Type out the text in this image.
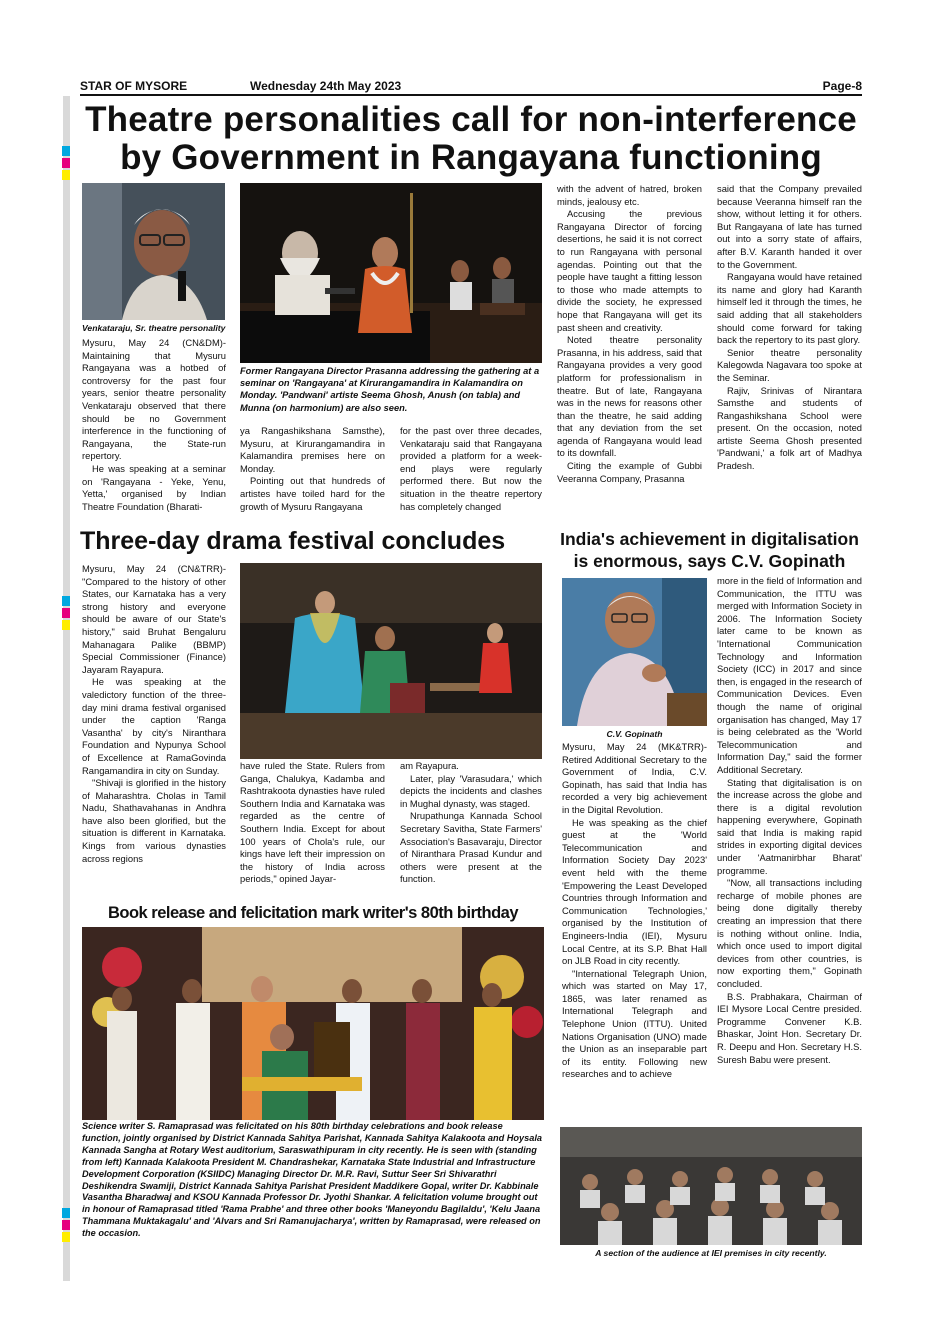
STAR OF MYSORE	Wednesday 24th May 2023	Page-8
Theatre personalities call for non-interference
by Government in Rangayana functioning
Venkataraju, Sr. theatre personality
Former Rangayana Director Prasanna addressing the gathering at a seminar on 'Rangayana' at Kirurangamandira in Kalamandira on Monday. 'Pandwani' artiste Seema Ghosh, Anush (on tabla) and Munna (on harmonium) are also seen.

Mysuru, May 24 (CN&DM)- Maintaining that Mysuru Rangayana was a hotbed of controversy for the past four years, senior theatre personality Venkataraju observed that there should be no Government interference in the functioning of Rangayana, the State-run repertory.

He was speaking at a seminar on 'Rangayana - Yeke, Yenu, Yetta,' organised by Indian Theatre Foundation (Bharati-

ya Rangashikshana Samsthe), Mysuru, at Kirurangamandira in Kalamandira premises here on Monday.

Pointing out that hundreds of artistes have toiled hard for the growth of Mysuru Rangayana

for the past over three decades, Venkataraju said that Rangayana provided a platform for a week-end plays were regularly performed there. But now the situation in the theatre repertory has completely changed

with the advent of hatred, broken minds, jealousy etc.

Accusing the previous Rangayana Director of forcing desertions, he said it is not correct to run Rangayana with personal agendas. Pointing out that the people have taught a fitting lesson to those who made attempts to divide the society, he expressed hope that Rangayana will get its past sheen and creativity.

Noted theatre personality Prasanna, in his address, said that Rangayana provides a very good platform for professionalism in theatre. But of late, Rangayana was in the news for reasons other than the theatre, he said adding that any deviation from the set agenda of Rangayana would lead to its downfall.

Citing the example of Gubbi Veeranna Company, Prasanna

said that the Company prevailed because Veeranna himself ran the show, without letting it for others. But Rangayana of late has turned out into a sorry state of affairs, after B.V. Karanth handed it over to the Government.

Rangayana would have retained its name and glory had Karanth himself led it through the times, he said adding that all stakeholders should come forward for taking back the repertory to its past glory.

Senior theatre personality Kalegowda Nagavara too spoke at the Seminar.

Rajiv, Srinivas of Nirantara Samsthe and students of Rangashikshana School were present. On the occasion, noted artiste Seema Ghosh presented 'Pandwani,' a folk art of Madhya Pradesh.

Three-day drama festival concludes

Mysuru, May 24 (CN&TRR)- "Compared to the history of other States, our Karnataka has a very strong history and everyone should be aware of our State's history," said Bruhat Bengaluru Mahanagara Palike (BBMP) Special Commissioner (Finance) Jayaram Rayapura.

He was speaking at the valedictory function of the three-day mini drama festival organised under the caption 'Ranga Vasantha' by city's Niranthara Foundation and Nypunya School of Excellence at RamaGovinda Rangamandira in city on Sunday.

"Shivaji is glorified in the history of Maharashtra. Cholas in Tamil Nadu, Shathavahanas in Andhra have also been glorified, but the situation is different in Karnataka. Kings from various dynasties across regions

have ruled the State. Rulers from Ganga, Chalukya, Kadamba and Rashtrakoota dynasties have ruled Southern India and Karnataka was regarded as the centre of Southern India. Except for about 100 years of Chola's rule, our kings have left their impression on the history of India across periods," opined Jayar-

am Rayapura.

Later, play 'Varasudara,' which depicts the incidents and clashes in Mughal dynasty, was staged.

Nrupathunga Kannada School Secretary Savitha, State Farmers' Association's Basavaraju, Director of Niranthara Prasad Kundur and others were present at the function.

Book release and felicitation mark writer's 80th birthday
Science writer S. Ramaprasad was felicitated on his 80th birthday celebrations and book release function, jointly organised by District Kannada Sahitya Parishat, Kannada Sahitya Kalakoota and Hoysala Kannada Sangha at Rotary West auditorium, Saraswathipuram in city recently. He is seen with (standing from left) Kannada Kalakoota President M. Chandrashekar, Karnataka State Industrial and Infrastructure Development Corporation (KSIIDC) Managing Director Dr. M.R. Ravi, Suttur Seer Sri Shivarathri Deshikendra Swamiji, District Kannada Sahitya Parishat President Maddikere Gopal, writer Dr. Kabbinale Vasantha Bharadwaj and KSOU Kannada Professor Dr. Jyothi Shankar. A felicitation volume brought out in honour of Ramaprasad titled 'Rama Prabhe' and three other books 'Maneyondu Bagilaldu', 'Kelu Jaana Thammana Muktakagalu' and 'Alvars and Sri Ramanujacharya', written by Ramaprasad, were released on the occasion.
India's achievement in digitalisation
is enormous, says C.V. Gopinath
C.V. Gopinath

Mysuru, May 24 (MK&TRR)- Retired Additional Secretary to the Government of India, C.V. Gopinath, has said that India has recorded a very big achievement in the Digital Revolution.

He was speaking as the chief guest at the 'World Telecommunication and Information Society Day 2023' event held with the theme 'Empowering the Least Developed Countries through Information and Communication Technologies,' organised by the Institution of Engineers-India (IEI), Mysuru Local Centre, at its S.P. Bhat Hall on JLB Road in city recently.

"International Telegraph Union, which was started on May 17, 1865, was later renamed as International Telegraph and Telephone Union (ITTU). United Nations Organisation (UNO) made the Union as an inseparable part of its entity. Following new researches and to achieve

more in the field of Information and Communication, the ITTU was merged with Information Society in 2006. The Information Society later came to be known as 'International Communication Technology and Information Society (ICC) in 2017 and since then, is engaged in the research of Communication Devices. Even though the name of original organisation has changed, May 17 is being celebrated as the 'World Telecommunication and Information Day," said the former Additional Secretary.

Stating that digitalisation is on the increase across the globe and there is a digital revolution happening everywhere, Gopinath said that India is making rapid strides in exporting digital devices under 'Aatmanirbhar Bharat' programme.

"Now, all transactions including recharge of mobile phones are being done digitally thereby creating an impression that there is nothing without online. India, which once used to import digital devices from other countries, is now exporting them," Gopinath concluded.

B.S. Prabhakara, Chairman of IEI Mysore Local Centre presided. Programme Convener K.B. Bhaskar, Joint Hon. Secretary Dr. R. Deepu and Hon. Secretary H.S. Suresh Babu were present.

A section of the audience at IEI premises in city recently.
